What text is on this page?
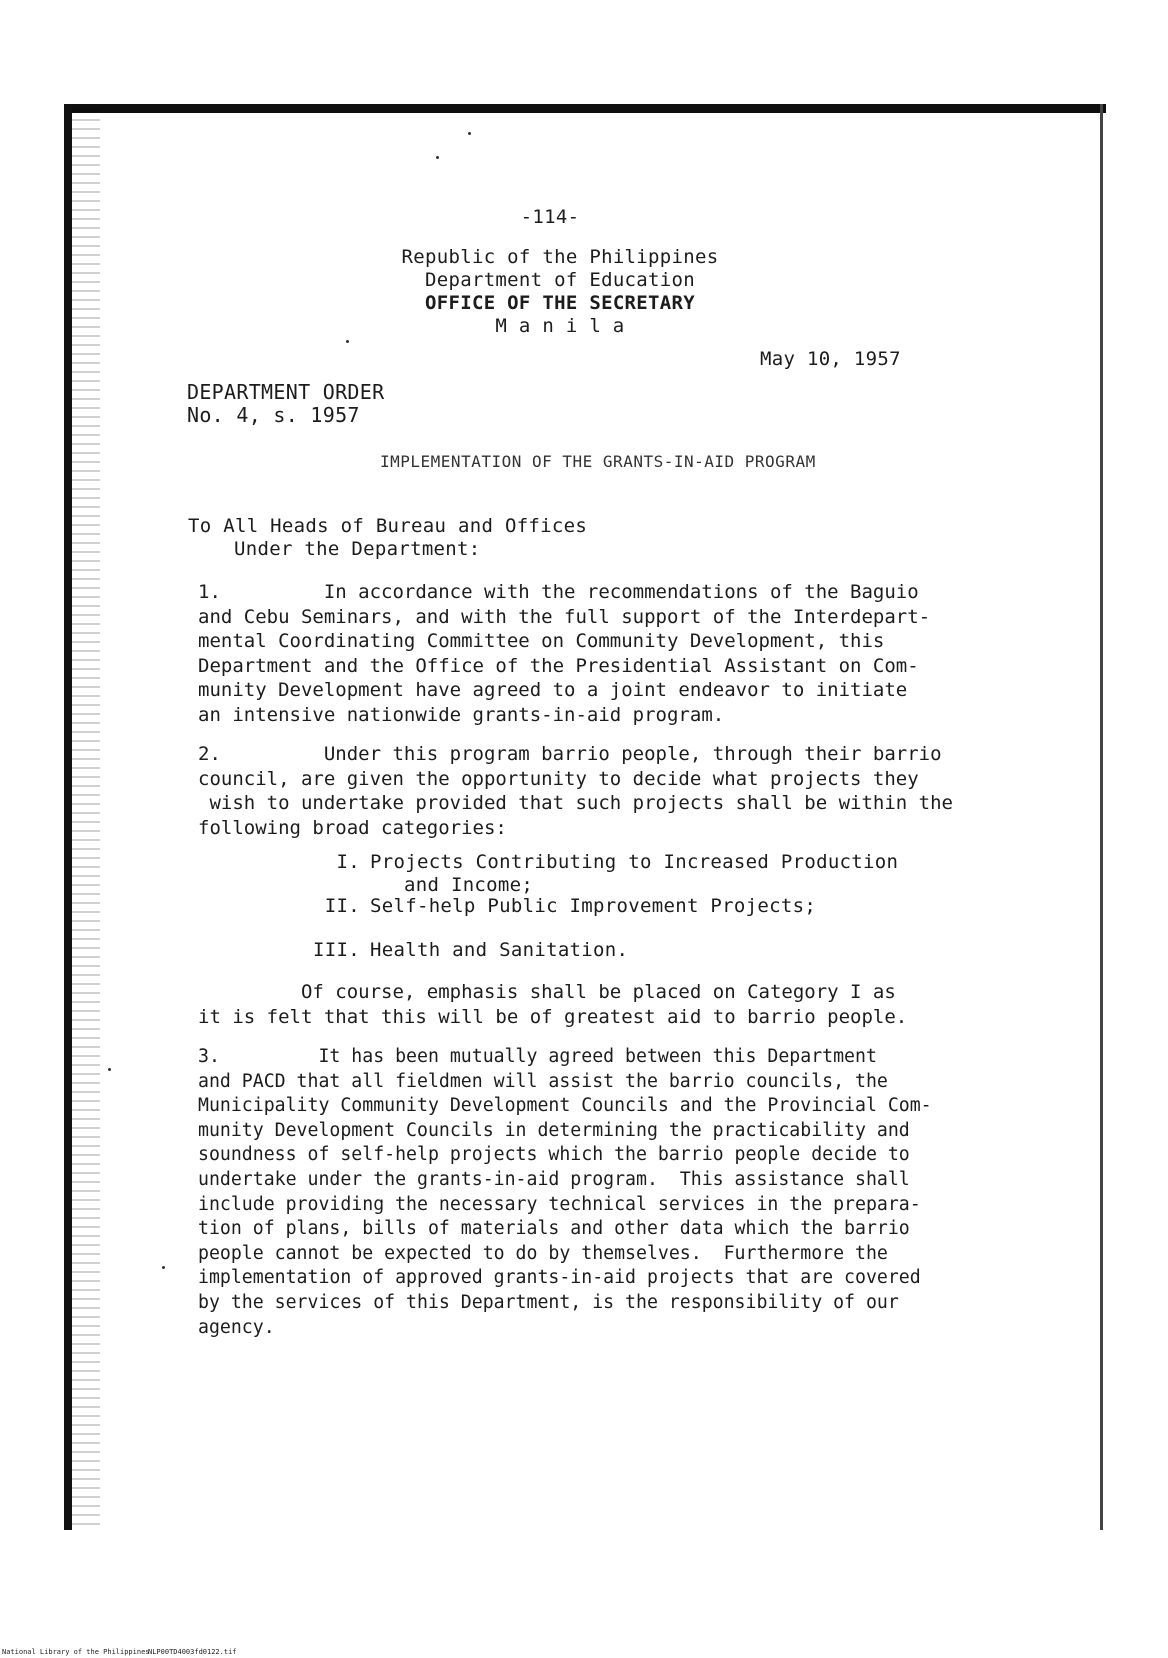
-114-
Republic of the Philippines
Department of Education
OFFICE OF THE SECRETARY
M a n i l a
May 10, 1957
DEPARTMENT ORDER
No. 4, s. 1957
IMPLEMENTATION OF THE GRANTS-IN-AID PROGRAM
To All Heads of Bureau and Offices
Under the Department:
1.         In accordance with the recommendations of the Baguio
and Cebu Seminars, and with the full support of the Interdepart-
mental Coordinating Committee on Community Development, this
Department and the Office of the Presidential Assistant on Com-
munity Development have agreed to a joint endeavor to initiate
an intensive nationwide grants-in-aid program.
2.         Under this program barrio people, through their barrio
council, are given the opportunity to decide what projects they
wish to undertake provided that such projects shall be within the
following broad categories:
I. Projects Contributing to Increased Production
and Income;
II. Self-help Public Improvement Projects;
III. Health and Sanitation.
Of course, emphasis shall be placed on Category I as
it is felt that this will be of greatest aid to barrio people.
3.         It has been mutually agreed between this Department
and PACD that all fieldmen will assist the barrio councils, the
Municipality Community Development Councils and the Provincial Com-
munity Development Councils in determining the practicability and
soundness of self-help projects which the barrio people decide to
undertake under the grants-in-aid program.  This assistance shall
include providing the necessary technical services in the prepara-
tion of plans, bills of materials and other data which the barrio
people cannot be expected to do by themselves.  Furthermore the
implementation of approved grants-in-aid projects that are covered
by the services of this Department, is the responsibility of our
agency.
National Library of the Philippines
NLP00TD4003fd0122.tif
